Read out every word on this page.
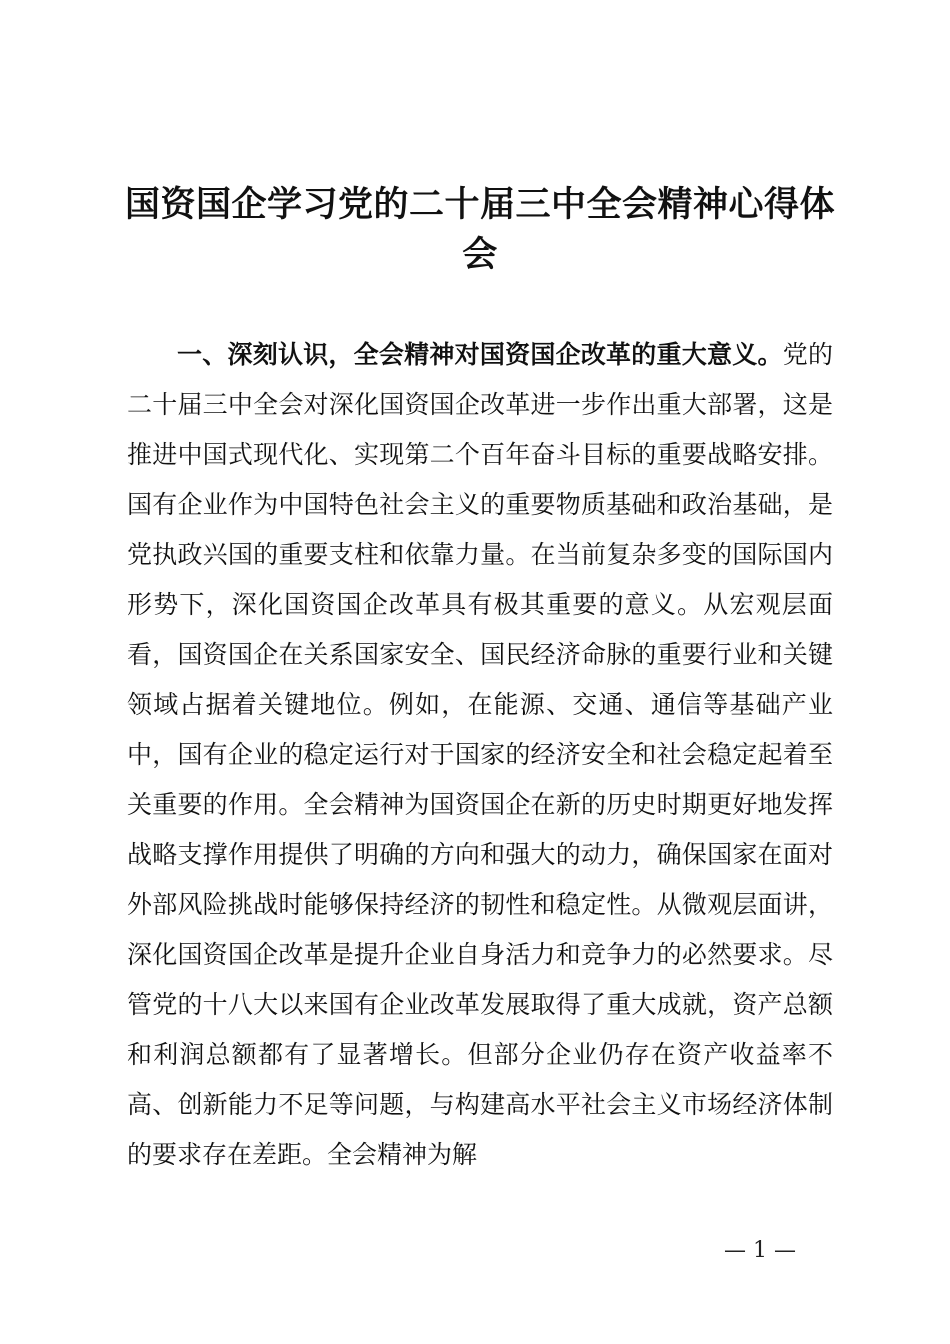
国资国企学习党的二十届三中全会精神心得体会

一、深刻认识，全会精神对国资国企改革的重大意义。党的二十届三中全会对深化国资国企改革进一步作出重大部署，这是推进中国式现代化、实现第二个百年奋斗目标的重要战略安排。国有企业作为中国特色社会主义的重要物质基础和政治基础，是党执政兴国的重要支柱和依靠力量。在当前复杂多变的国际国内形势下，深化国资国企改革具有极其重要的意义。从宏观层面看，国资国企在关系国家安全、国民经济命脉的重要行业和关键领域占据着关键地位。例如，在能源、交通、通信等基础产业中，国有企业的稳定运行对于国家的经济安全和社会稳定起着至关重要的作用。全会精神为国资国企在新的历史时期更好地发挥战略支撑作用提供了明确的方向和强大的动力，确保国家在面对外部风险挑战时能够保持经济的韧性和稳定性。从微观层面讲，深化国资国企改革是提升企业自身活力和竞争力的必然要求。尽管党的十八大以来国有企业改革发展取得了重大成就，资产总额和利润总额都有了显著增长。但部分企业仍存在资产收益率不高、创新能力不足等问题，与构建高水平社会主义市场经济体制的要求存在差距。全会精神为解

— 1 —
